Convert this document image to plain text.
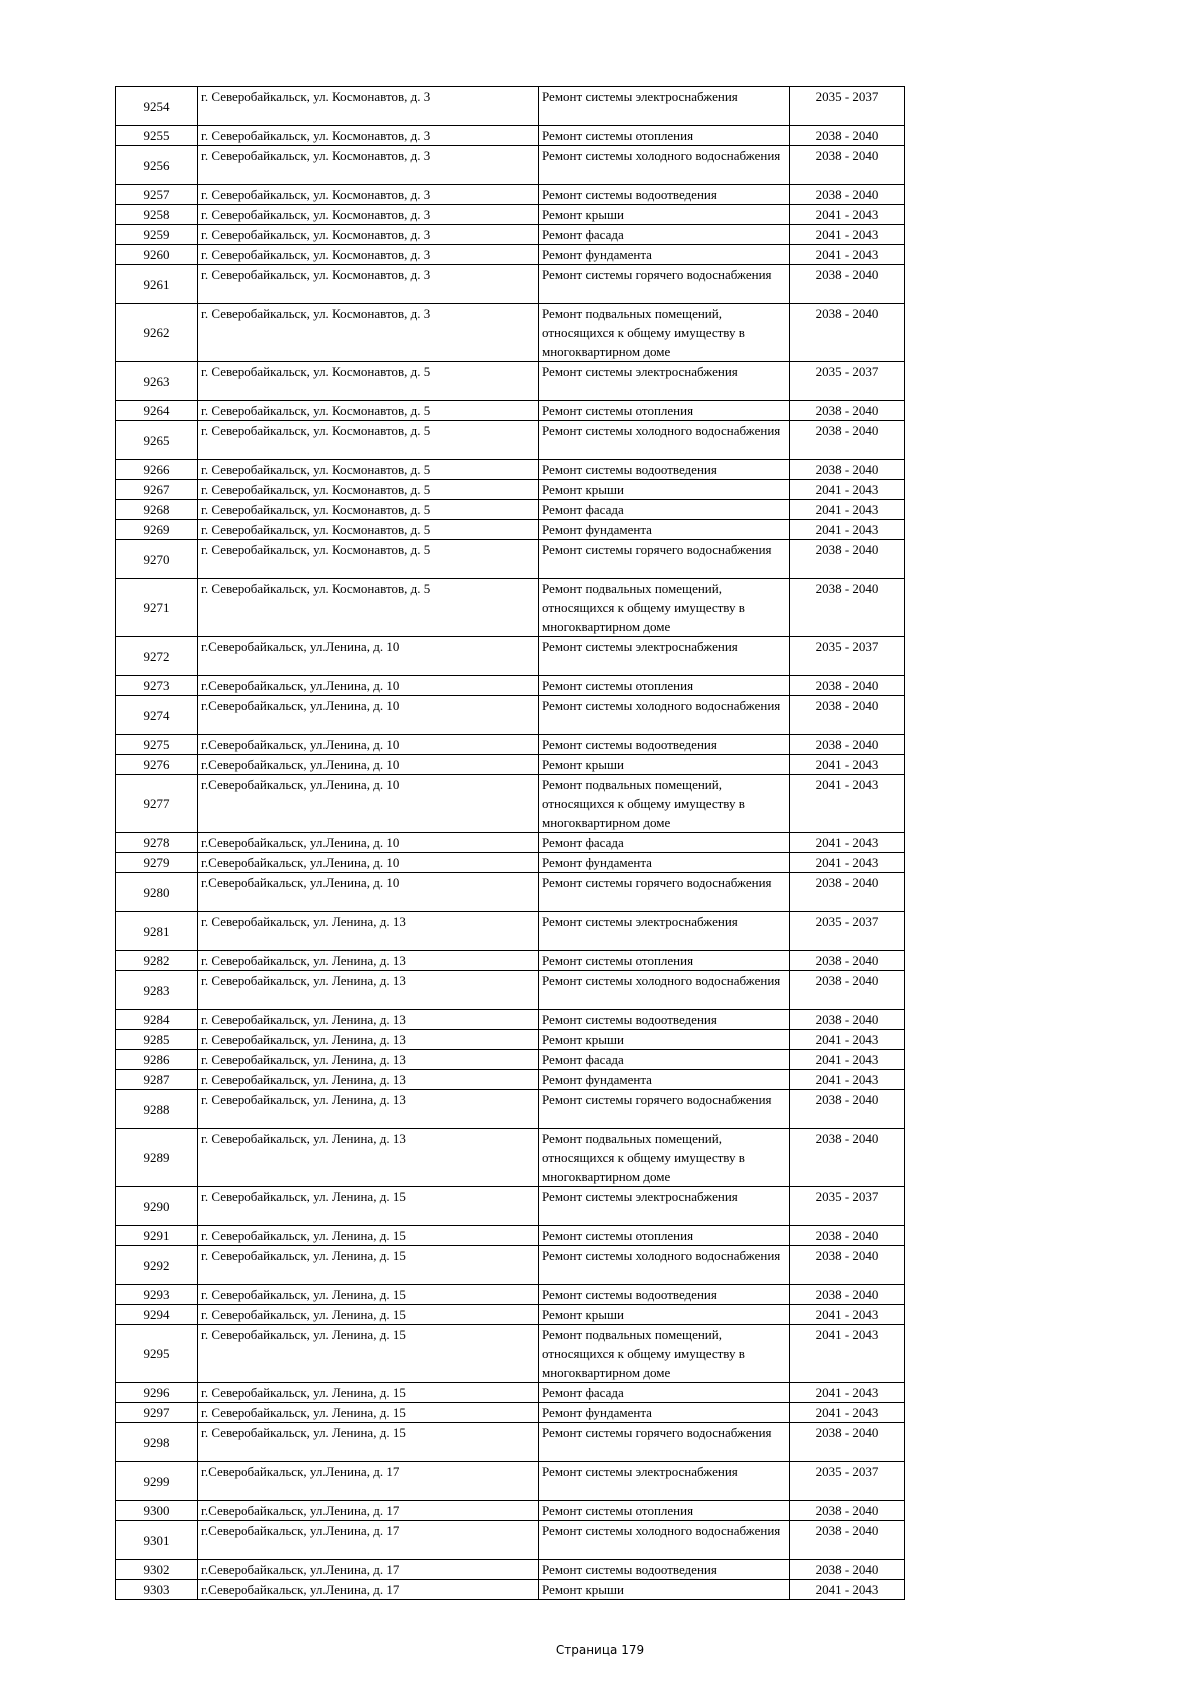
9254	г. Северобайкальск, ул. Космонавтов, д. 3	Ремонт системы электроснабжения	2035 - 2037
9255	г. Северобайкальск, ул. Космонавтов, д. 3	Ремонт системы отопления	2038 - 2040
9256	г. Северобайкальск, ул. Космонавтов, д. 3	Ремонт системы холодного водоснабжения	2038 - 2040
9257	г. Северобайкальск, ул. Космонавтов, д. 3	Ремонт системы водоотведения	2038 - 2040
9258	г. Северобайкальск, ул. Космонавтов, д. 3	Ремонт крыши	2041 - 2043
9259	г. Северобайкальск, ул. Космонавтов, д. 3	Ремонт фасада	2041 - 2043
9260	г. Северобайкальск, ул. Космонавтов, д. 3	Ремонт фундамента	2041 - 2043
9261	г. Северобайкальск, ул. Космонавтов, д. 3	Ремонт системы горячего водоснабжения	2038 - 2040
9262	г. Северобайкальск, ул. Космонавтов, д. 3	Ремонт подвальных помещений, относящихся к общему имуществу в многоквартирном доме	2038 - 2040
9263	г. Северобайкальск, ул. Космонавтов, д. 5	Ремонт системы электроснабжения	2035 - 2037
9264	г. Северобайкальск, ул. Космонавтов, д. 5	Ремонт системы отопления	2038 - 2040
9265	г. Северобайкальск, ул. Космонавтов, д. 5	Ремонт системы холодного водоснабжения	2038 - 2040
9266	г. Северобайкальск, ул. Космонавтов, д. 5	Ремонт системы водоотведения	2038 - 2040
9267	г. Северобайкальск, ул. Космонавтов, д. 5	Ремонт крыши	2041 - 2043
9268	г. Северобайкальск, ул. Космонавтов, д. 5	Ремонт фасада	2041 - 2043
9269	г. Северобайкальск, ул. Космонавтов, д. 5	Ремонт фундамента	2041 - 2043
9270	г. Северобайкальск, ул. Космонавтов, д. 5	Ремонт системы горячего водоснабжения	2038 - 2040
9271	г. Северобайкальск, ул. Космонавтов, д. 5	Ремонт подвальных помещений, относящихся к общему имуществу в многоквартирном доме	2038 - 2040
9272	г.Северобайкальск, ул.Ленина, д. 10	Ремонт системы электроснабжения	2035 - 2037
9273	г.Северобайкальск, ул.Ленина, д. 10	Ремонт системы отопления	2038 - 2040
9274	г.Северобайкальск, ул.Ленина, д. 10	Ремонт системы холодного водоснабжения	2038 - 2040
9275	г.Северобайкальск, ул.Ленина, д. 10	Ремонт системы водоотведения	2038 - 2040
9276	г.Северобайкальск, ул.Ленина, д. 10	Ремонт крыши	2041 - 2043
9277	г.Северобайкальск, ул.Ленина, д. 10	Ремонт подвальных помещений, относящихся к общему имуществу в многоквартирном доме	2041 - 2043
9278	г.Северобайкальск, ул.Ленина, д. 10	Ремонт фасада	2041 - 2043
9279	г.Северобайкальск, ул.Ленина, д. 10	Ремонт фундамента	2041 - 2043
9280	г.Северобайкальск, ул.Ленина, д. 10	Ремонт системы горячего водоснабжения	2038 - 2040
9281	г. Северобайкальск, ул. Ленина, д. 13	Ремонт системы электроснабжения	2035 - 2037
9282	г. Северобайкальск, ул. Ленина, д. 13	Ремонт системы отопления	2038 - 2040
9283	г. Северобайкальск, ул. Ленина, д. 13	Ремонт системы холодного водоснабжения	2038 - 2040
9284	г. Северобайкальск, ул. Ленина, д. 13	Ремонт системы водоотведения	2038 - 2040
9285	г. Северобайкальск, ул. Ленина, д. 13	Ремонт крыши	2041 - 2043
9286	г. Северобайкальск, ул. Ленина, д. 13	Ремонт фасада	2041 - 2043
9287	г. Северобайкальск, ул. Ленина, д. 13	Ремонт фундамента	2041 - 2043
9288	г. Северобайкальск, ул. Ленина, д. 13	Ремонт системы горячего водоснабжения	2038 - 2040
9289	г. Северобайкальск, ул. Ленина, д. 13	Ремонт подвальных помещений, относящихся к общему имуществу в многоквартирном доме	2038 - 2040
9290	г. Северобайкальск, ул. Ленина, д. 15	Ремонт системы электроснабжения	2035 - 2037
9291	г. Северобайкальск, ул. Ленина, д. 15	Ремонт системы отопления	2038 - 2040
9292	г. Северобайкальск, ул. Ленина, д. 15	Ремонт системы холодного водоснабжения	2038 - 2040
9293	г. Северобайкальск, ул. Ленина, д. 15	Ремонт системы водоотведения	2038 - 2040
9294	г. Северобайкальск, ул. Ленина, д. 15	Ремонт крыши	2041 - 2043
9295	г. Северобайкальск, ул. Ленина, д. 15	Ремонт подвальных помещений, относящихся к общему имуществу в многоквартирном доме	2041 - 2043
9296	г. Северобайкальск, ул. Ленина, д. 15	Ремонт фасада	2041 - 2043
9297	г. Северобайкальск, ул. Ленина, д. 15	Ремонт фундамента	2041 - 2043
9298	г. Северобайкальск, ул. Ленина, д. 15	Ремонт системы горячего водоснабжения	2038 - 2040
9299	г.Северобайкальск, ул.Ленина, д. 17	Ремонт системы электроснабжения	2035 - 2037
9300	г.Северобайкальск, ул.Ленина, д. 17	Ремонт системы отопления	2038 - 2040
9301	г.Северобайкальск, ул.Ленина, д. 17	Ремонт системы холодного водоснабжения	2038 - 2040
9302	г.Северобайкальск, ул.Ленина, д. 17	Ремонт системы водоотведения	2038 - 2040
9303	г.Северобайкальск, ул.Ленина, д. 17	Ремонт крыши	2041 - 2043
Страница 179
